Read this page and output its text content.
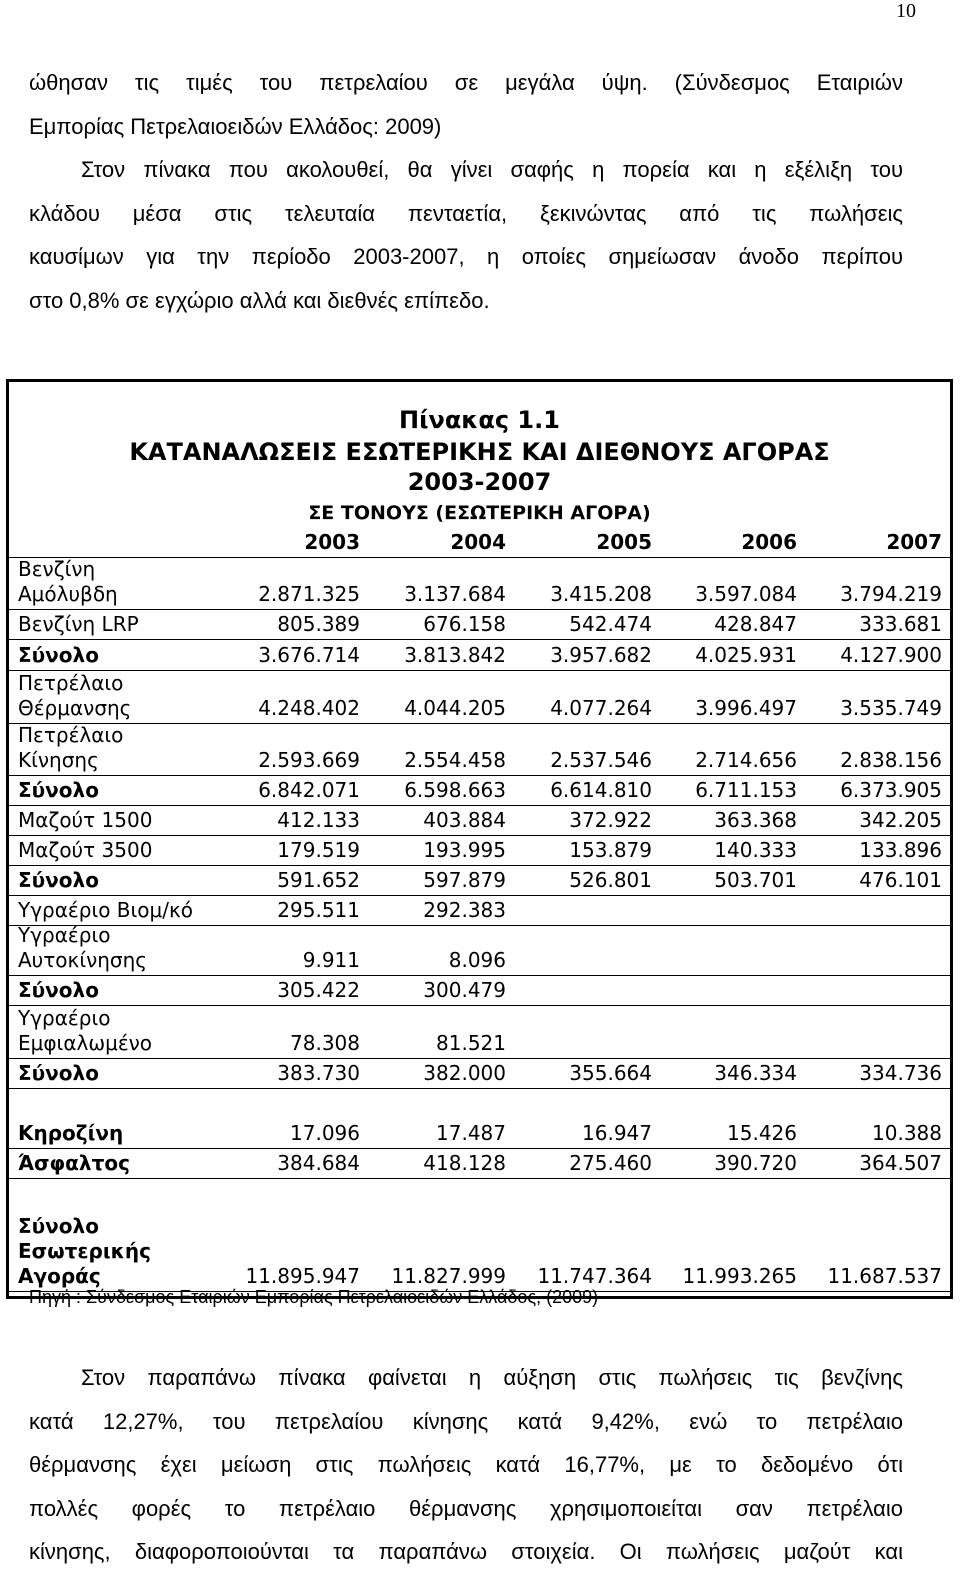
10
ώθησαν τις τιμές του πετρελαίου σε μεγάλα ύψη. (Σύνδεσμος Εταιριών
Εμπορίας Πετρελαιοειδών Ελλάδος: 2009)
Στον πίνακα που ακολουθεί, θα γίνει σαφής η πορεία και η εξέλιξη του
κλάδου μέσα στις τελευταία πενταετία, ξεκινώντας από τις πωλήσεις
καυσίμων για την περίοδο 2003-2007, η οποίες σημείωσαν άνοδο περίπου
στο 0,8% σε εγχώριο αλλά και διεθνές επίπεδο.
Πίνακας 1.1
ΚΑΤΑΝΑΛΩΣΕΙΣ ΕΣΩΤΕΡΙΚΗΣ ΚΑΙ ΔΙΕΘΝΟΥΣ ΑΓΟΡΑΣ
2003-2007
ΣΕ ΤΟΝΟΥΣ (ΕΣΩΤΕΡΙΚΗ ΑΓΟΡΑ)
2003	2004	2005	2006	2007
Βενζίνη
Αμόλυβδη	2.871.325 3.137.684 3.415.208 3.597.084 3.794.219
Βενζίνη LRP	805.389	676.158	542.474	428.847	333.681
Σύνολο	3.676.714 3.813.842 3.957.682 4.025.931 4.127.900
Πετρέλαιο
Θέρμανσης	4.248.402 4.044.205 4.077.264 3.996.497 3.535.749
Πετρέλαιο
Κίνησης	2.593.669 2.554.458 2.537.546 2.714.656 2.838.156
Σύνολο	6.842.071 6.598.663 6.614.810 6.711.153 6.373.905
Μαζούτ 1500	412.133	403.884	372.922	363.368	342.205
Μαζούτ 3500	179.519	193.995	153.879	140.333	133.896
Σύνολο	591.652	597.879	526.801	503.701	476.101
Υγραέριο Βιομ/κό	295.511	292.383
Υγραέριο
Αυτοκίνησης	9.911	8.096
Σύνολο	305.422	300.479
Υγραέριο
Εμφιαλωμένο	78.308	81.521
Σύνολο	383.730	382.000	355.664	346.334	334.736
Κηροζίνη	17.096	17.487	16.947	15.426	10.388
Άσφαλτος	384.684	418.128	275.460	390.720	364.507
Σύνολο
Εσωτερικής
Αγοράς	11.895.947 11.827.999 11.747.364 11.993.265 11.687.537
Πηγή : Σύνδεσμος Εταιριών Εμπορίας Πετρελαιοειδών Ελλάδος, (2009)
Στον παραπάνω πίνακα φαίνεται η αύξηση στις πωλήσεις τις βενζίνης
κατά 12,27%, του πετρελαίου κίνησης κατά 9,42%, ενώ το πετρέλαιο
θέρμανσης έχει μείωση στις πωλήσεις κατά 16,77%, με το δεδομένο ότι
πολλές φορές το πετρέλαιο θέρμανσης χρησιμοποιείται σαν πετρέλαιο
κίνησης, διαφοροποιούνται τα παραπάνω στοιχεία. Οι πωλήσεις μαζούτ και
